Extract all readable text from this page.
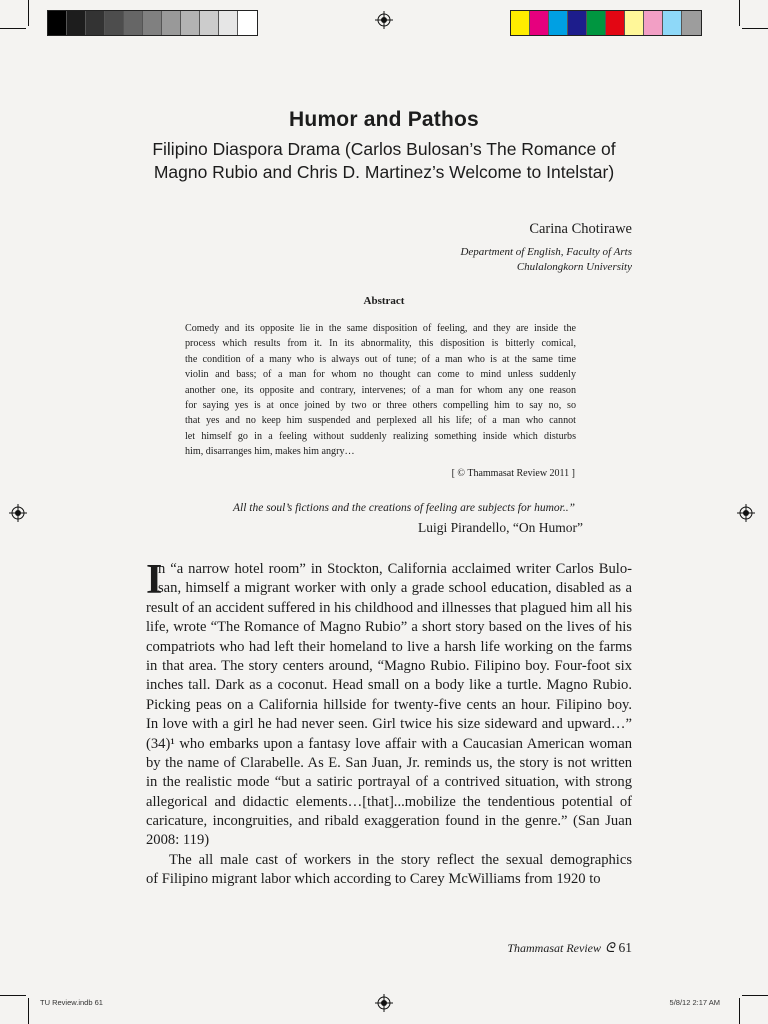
Humor and Pathos
Filipino Diaspora Drama (Carlos Bulosan’s The Romance of
Magno Rubio and Chris D. Martinez’s Welcome to Intelstar)
Carina Chotirawe
Department of English, Faculty of Arts
Chulalongkorn University
Abstract
Comedy and its opposite lie in the same disposition of feeling, and they are inside the
process which results from it. In its abnormality, this disposition is bitterly comical,
the condition of a many who is always out of tune; of a man who is at the same time
violin and bass; of a man for whom no thought can come to mind unless suddenly
another one, its opposite and contrary, intervenes; of a man for whom any one reason
for saying yes is at once joined by two or three others compelling him to say no, so
that yes and no keep him suspended and perplexed all his life; of a man who cannot
let himself go in a feeling without suddenly realizing something inside which disturbs
him, disarranges him, makes him angry…
[ © Thammasat Review 2011 ]
All the soul’s fictions and the creations of feeling are subjects for humor..”
Luigi Pirandello, “On Humor”
I
n “a narrow hotel room” in Stockton, California acclaimed writer Carlos Bulo-
san, himself a migrant worker with only a grade school education, disabled as a
result of an accident suffered in his childhood and illnesses that plagued him all his
life, wrote “The Romance of Magno Rubio” a short story based on the lives of his
compatriots who had left their homeland to live a harsh life working on the farms
in that area. The story centers around, “Magno Rubio. Filipino boy. Four-foot six
inches tall. Dark as a coconut. Head small on a body like a turtle. Magno Rubio.
Picking peas on a California hillside for twenty-five cents an hour. Filipino boy.
In love with a girl he had never seen. Girl twice his size sideward and upward…”
(34)¹ who embarks upon a fantasy love affair with a Caucasian American woman
by the name of Clarabelle. As E. San Juan, Jr. reminds us, the story is not written
in the realistic mode “but a satiric portrayal of a contrived situation, with strong
allegorical and didactic elements…[that]...mobilize the tendentious potential of
caricature, incongruities, and ribald exaggeration found in the genre.” (San Juan
2008: 119)
The all male cast of workers in the story reflect the sexual demographics
of Filipino migrant labor which according to Carey McWilliams from 1920 to
Thammasat Review ᘓ 61
TU Review.indb 61	5/8/12 2:17 AM
